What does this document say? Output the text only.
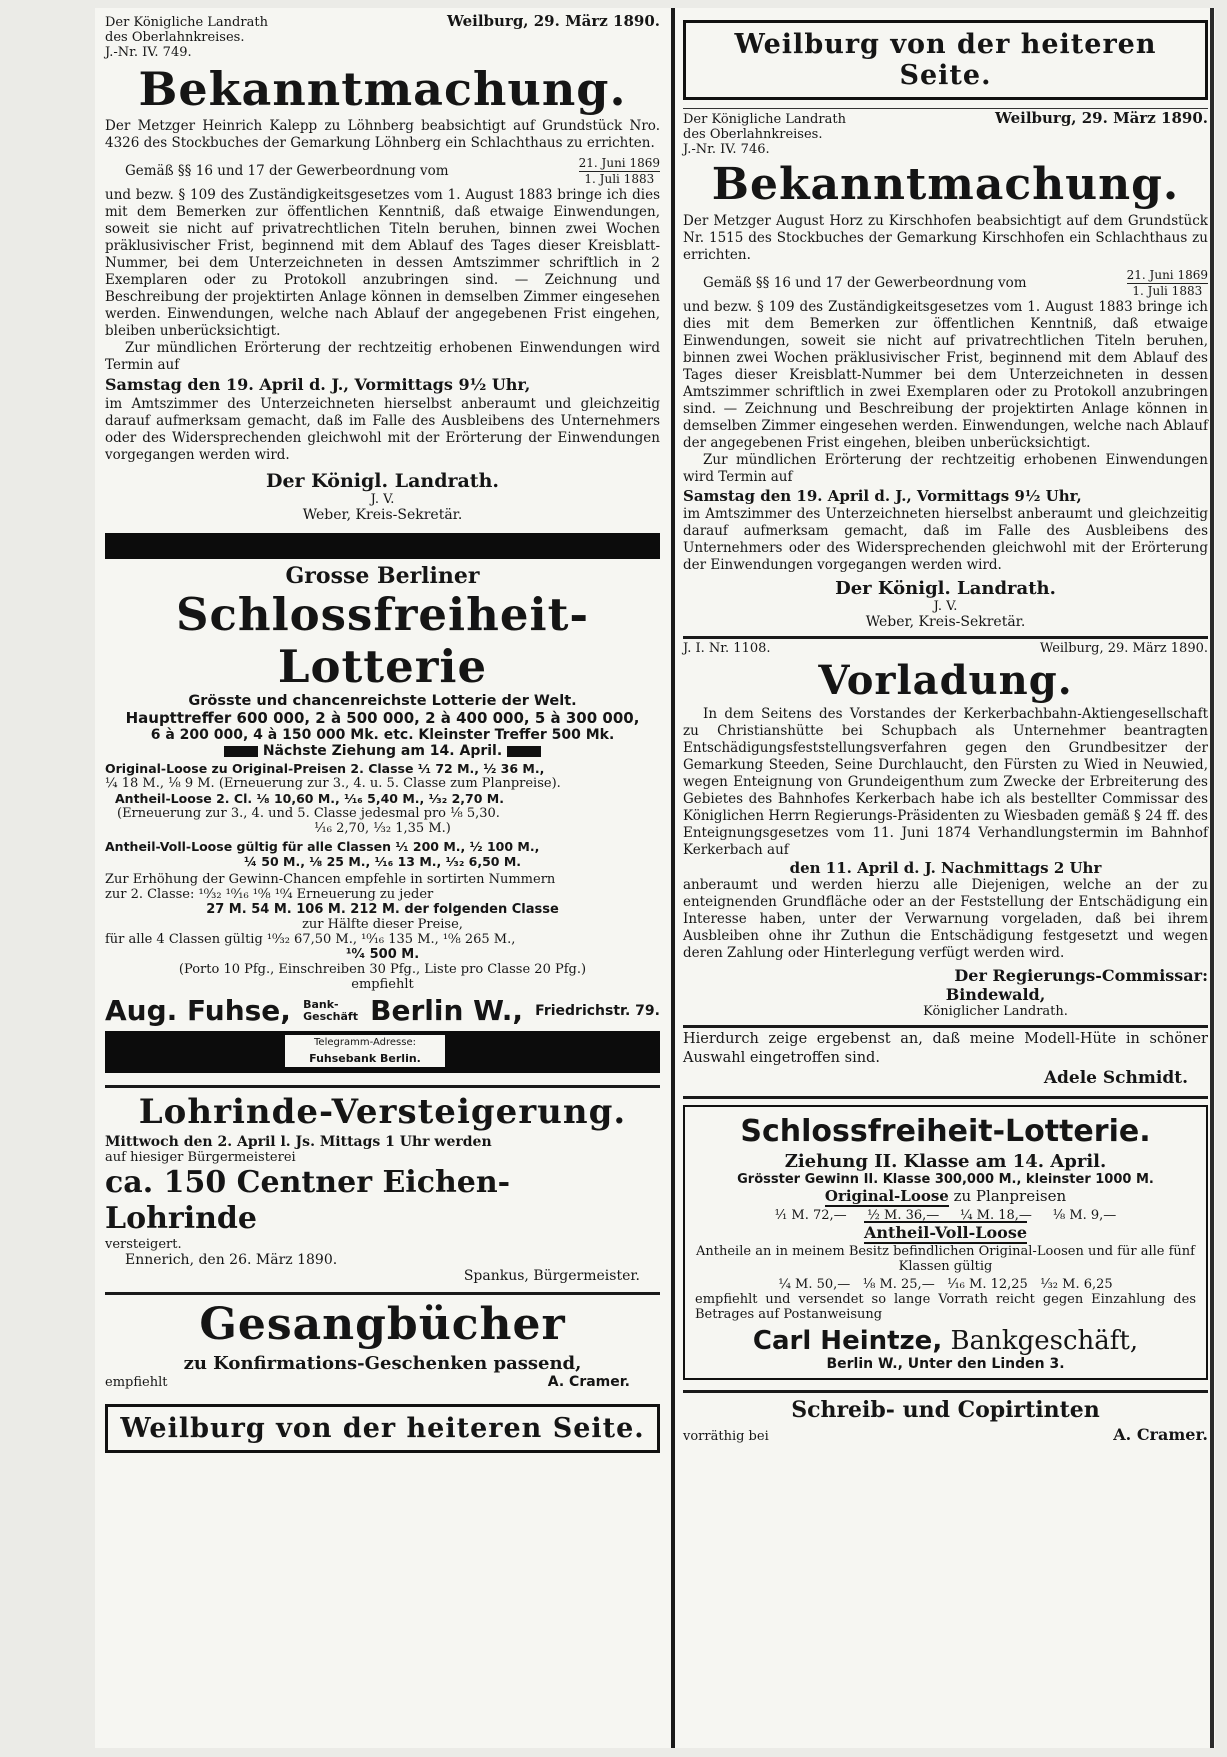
Der Königliche Landrath
des Oberlahnkreises.
J.-Nr. IV. 749.
Weilburg, 29. März 1890.
Bekanntmachung.
Der Metzger Heinrich Kalepp zu Löhnberg beabsichtigt auf Grundstück Nro. 4326 des Stockbuches der Gemarkung Löhnberg ein Schlachthaus zu errichten.
Gemäß §§ 16 und 17 der Gewerbeordnung vom	21. Juni 1869
1. Juli 1883
und bezw. § 109 des Zuständigkeitsgesetzes vom 1. August 1883 bringe ich dies mit dem Bemerken zur öffentlichen Kenntniß, daß etwaige Einwendungen, soweit sie nicht auf privatrechtlichen Titeln beruhen, binnen zwei Wochen präklusivischer Frist, beginnend mit dem Ablauf des Tages dieser Kreisblatt-Nummer, bei dem Unterzeichneten in dessen Amtszimmer schriftlich in 2 Exemplaren oder zu Protokoll anzubringen sind. — Zeichnung und Beschreibung der projektirten Anlage können in demselben Zimmer eingesehen werden. Einwendungen, welche nach Ablauf der angegebenen Frist eingehen, bleiben unberücksichtigt.
Zur mündlichen Erörterung der rechtzeitig erhobenen Einwendungen wird Termin auf
Samstag den 19. April d. J., Vormittags 9½ Uhr,
im Amtszimmer des Unterzeichneten hierselbst anberaumt und gleichzeitig darauf aufmerksam gemacht, daß im Falle des Ausbleibens des Unternehmers oder des Widersprechenden gleichwohl mit der Erörterung der Einwendungen vorgegangen werden wird.
Der Königl. Landrath.
J. V.
Weber, Kreis-Sekretär.
Grosse Berliner
Schlossfreiheit-Lotterie
Grösste und chancenreichste Lotterie der Welt.
Haupttreffer 600 000, 2 à 500 000, 2 à 400 000, 5 à 300 000,
6 à 200 000, 4 à 150 000 Mk. etc. Kleinster Treffer 500 Mk.
Nächste Ziehung am 14. April.
Original-Loose zu Original-Preisen 2. Classe ⅟₁ 72 M., ½ 36 M.,
¼ 18 M., ⅛ 9 M. (Erneuerung zur 3., 4. u. 5. Classe zum Planpreise).
Antheil-Loose 2. Cl. ⅟₈ 10,60 M., ⅟₁₆ 5,40 M., ⅟₃₂ 2,70 M.
(Erneuerung zur 3., 4. und 5. Classe jedesmal pro ⅟₈ 5,30.
⅟₁₆ 2,70, ⅟₃₂ 1,35 M.)
Antheil-Voll-Loose gültig für alle Classen ⅟₁ 200 M., ½ 100 M.,
¼ 50 M., ⅛ 25 M., ⅟₁₆ 13 M., ⅟₃₂ 6,50 M.
Zur Erhöhung der Gewinn-Chancen empfehle in sortirten Nummern
zur 2. Classe: ¹⁰⁄₃₂ ¹⁰⁄₁₆ ¹⁰⁄₈ ¹⁰⁄₄ Erneuerung zu jeder
27 M. 54 M. 106 M. 212 M. der folgenden Classe
zur Hälfte dieser Preise,
für alle 4 Classen gültig ¹⁰⁄₃₂ 67,50 M., ¹⁰⁄₁₆ 135 M., ¹⁰⁄₈ 265 M.,
¹⁰⁄₄ 500 M.
(Porto 10 Pfg., Einschreiben 30 Pfg., Liste pro Classe 20 Pfg.)
empfiehlt
Aug. Fuhse, Bank-
Geschäft Berlin W., Friedrichstr. 79.
Telegramm-Adresse:
Fuhsebank Berlin.
Lohrinde-Versteigerung.
Mittwoch den 2. April l. Js. Mittags 1 Uhr werden
auf hiesiger Bürgermeisterei
ca. 150 Centner Eichen-Lohrinde
versteigert.
Ennerich, den 26. März 1890.
Spankus, Bürgermeister.
Gesangbücher
zu Konfirmations-Geschenken passend,
empfiehlt	A. Cramer.
Weilburg von der heiteren Seite.
Weilburg von der heiteren Seite.
Der Königliche Landrath
des Oberlahnkreises.
J.-Nr. IV. 746.
Weilburg, 29. März 1890.
Bekanntmachung.
Der Metzger August Horz zu Kirschhofen beabsichtigt auf dem Grundstück Nr. 1515 des Stockbuches der Gemarkung Kirschhofen ein Schlachthaus zu errichten.
Gemäß §§ 16 und 17 der Gewerbeordnung vom	21. Juni 1869
1. Juli 1883
und bezw. § 109 des Zuständigkeitsgesetzes vom 1. August 1883 bringe ich dies mit dem Bemerken zur öffentlichen Kenntniß, daß etwaige Einwendungen, soweit sie nicht auf privatrechtlichen Titeln beruhen, binnen zwei Wochen präklusivischer Frist, beginnend mit dem Ablauf des Tages dieser Kreisblatt-Nummer bei dem Unterzeichneten in dessen Amtszimmer schriftlich in zwei Exemplaren oder zu Protokoll anzubringen sind. — Zeichnung und Beschreibung der projektirten Anlage können in demselben Zimmer eingesehen werden. Einwendungen, welche nach Ablauf der angegebenen Frist eingehen, bleiben unberücksichtigt.
Zur mündlichen Erörterung der rechtzeitig erhobenen Einwendungen wird Termin auf
Samstag den 19. April d. J., Vormittags 9½ Uhr,
im Amtszimmer des Unterzeichneten hierselbst anberaumt und gleichzeitig darauf aufmerksam gemacht, daß im Falle des Ausbleibens des Unternehmers oder des Widersprechenden gleichwohl mit der Erörterung der Einwendungen vorgegangen werden wird.
Der Königl. Landrath.
J. V.
Weber, Kreis-Sekretär.
J. I. Nr. 1108.	Weilburg, 29. März 1890.
Vorladung.
In dem Seitens des Vorstandes der Kerkerbachbahn-Aktiengesellschaft zu Christianshütte bei Schupbach als Unternehmer beantragten Entschädigungsfeststellungsverfahren gegen den Grundbesitzer der Gemarkung Steeden, Seine Durchlaucht, den Fürsten zu Wied in Neuwied, wegen Enteignung von Grundeigenthum zum Zwecke der Erbreiterung des Gebietes des Bahnhofes Kerkerbach habe ich als bestellter Commissar des Königlichen Herrn Regierungs-Präsidenten zu Wiesbaden gemäß § 24 ff. des Enteignungsgesetzes vom 11. Juni 1874 Verhandlungstermin im Bahnhof Kerkerbach auf
den 11. April d. J. Nachmittags 2 Uhr
anberaumt und werden hierzu alle Diejenigen, welche an der zu enteignenden Grundfläche oder an der Feststellung der Entschädigung ein Interesse haben, unter der Verwarnung vorgeladen, daß bei ihrem Ausbleiben ohne ihr Zuthun die Entschädigung festgesetzt und wegen deren Zahlung oder Hinterlegung verfügt werden wird.
Der Regierungs-Commissar:
Bindewald,
Königlicher Landrath.
Hierdurch zeige ergebenst an, daß meine Modell-Hüte in schöner Auswahl eingetroffen sind.
Adele Schmidt.
Schlossfreiheit-Lotterie.
Ziehung II. Klasse am 14. April.
Grösster Gewinn II. Klasse 300,000 M., kleinster 1000 M.
Original-Loose zu Planpreisen
⅟₁ M. 72,—     ½ M. 36,—     ¼ M. 18,—     ⅛ M. 9,—
Antheil-Voll-Loose
Antheile an in meinem Besitz befindlichen Original-Loosen und für alle fünf Klassen gültig
¼ M. 50,—   ⅛ M. 25,—   ⅟₁₆ M. 12,25   ⅟₃₂ M. 6,25
empfiehlt und versendet so lange Vorrath reicht gegen Einzahlung des Betrages auf Postanweisung
Carl Heintze, Bankgeschäft,
Berlin W., Unter den Linden 3.
Schreib- und Copirtinten
vorräthig bei	A. Cramer.
